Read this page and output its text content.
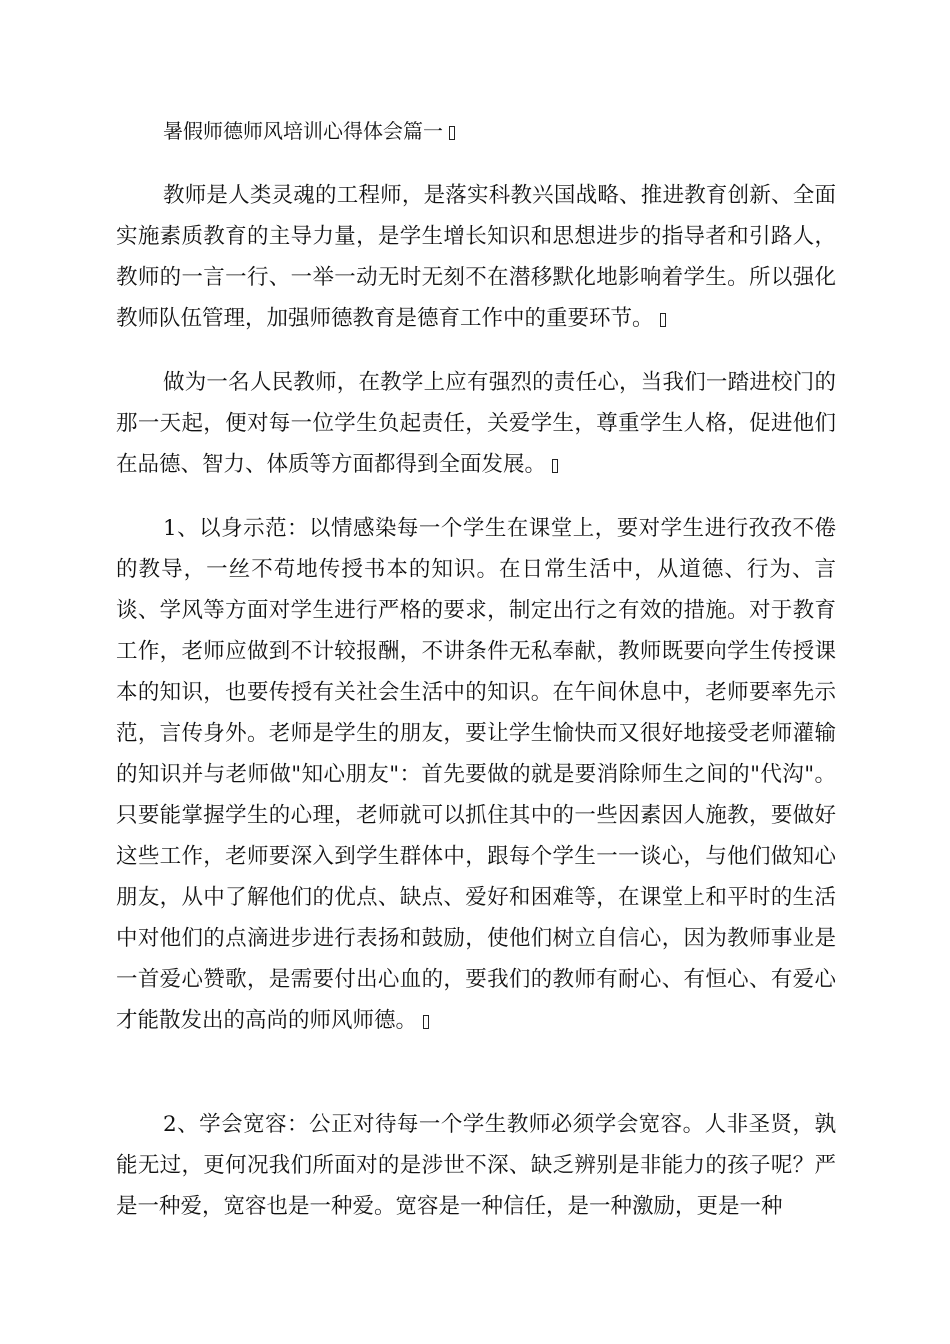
暑假师德师风培训心得体会篇一

教师是人类灵魂的工程师，是落实科教兴国战略、推进教育创新、全面实施素质教育的主导力量，是学生增长知识和思想进步的指导者和引路人，教师的一言一行、一举一动无时无刻不在潜移默化地影响着学生。所以强化教师队伍管理，加强师德教育是德育工作中的重要环节。

做为一名人民教师，在教学上应有强烈的责任心，当我们一踏进校门的那一天起，便对每一位学生负起责任，关爱学生，尊重学生人格，促进他们在品德、智力、体质等方面都得到全面发展。

1、以身示范：以情感染每一个学生在课堂上，要对学生进行孜孜不倦的教导，一丝不苟地传授书本的知识。在日常生活中，从道德、行为、言谈、学风等方面对学生进行严格的要求，制定出行之有效的措施。对于教育工作，老师应做到不计较报酬，不讲条件无私奉献，教师既要向学生传授课本的知识，也要传授有关社会生活中的知识。在午间休息中，老师要率先示范，言传身外。老师是学生的朋友，要让学生愉快而又很好地接受老师灌输的知识并与老师做"知心朋友"：首先要做的就是要消除师生之间的"代沟"。只要能掌握学生的心理，老师就可以抓住其中的一些因素因人施教，要做好这些工作，老师要深入到学生群体中，跟每个学生一一谈心，与他们做知心朋友，从中了解他们的优点、缺点、爱好和困难等，在课堂上和平时的生活中对他们的点滴进步进行表扬和鼓励，使他们树立自信心，因为教师事业是一首爱心赞歌，是需要付出心血的，要我们的教师有耐心、有恒心、有爱心才能散发出的高尚的师风师德。

2、学会宽容：公正对待每一个学生教师必须学会宽容。人非圣贤，孰能无过，更何况我们所面对的是涉世不深、缺乏辨别是非能力的孩子呢？严是一种爱，宽容也是一种爱。宽容是一种信任，是一种激励，更是一种
